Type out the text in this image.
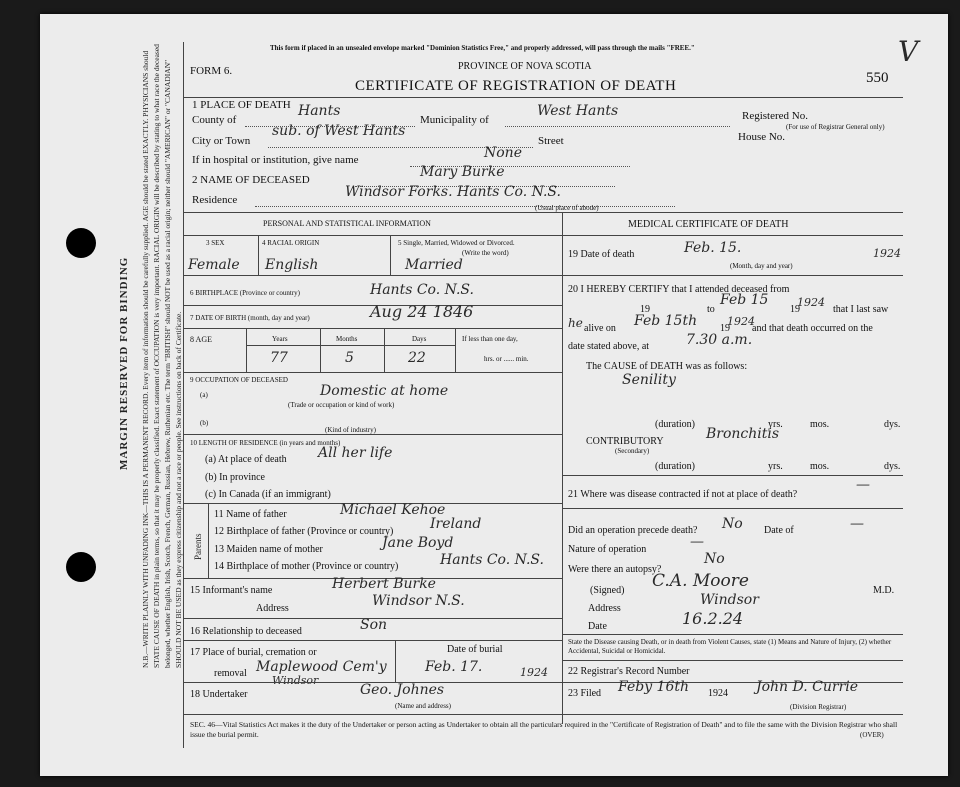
MARGIN RESERVED FOR BINDING N.B.—WRITE PLAINLY WITH UNFADING INK—THIS IS A PERMANENT RECORD. Every item of information should be carefully supplied. AGE should be stated EXACTLY. PHYSICIANS should STATE CAUSE OF DEATH in plain terms, so that it may be properly classified. Exact statement of OCCUPATION is very important. RACIAL ORIGIN will be described by stating to what race the deceased belonged, whether English, Irish, Scotch, French, German, Russian, Hebrew, Ruthenian etc. The term "BRITISH" should NOT be used as a racial origin; neither should "AMERICAN" or "CANADIAN" SHOULD NOT BE USED as they express citizenship and not a race or people. See instructions on back of Certificate.
This form if placed in an unsealed envelope marked "Dominion Statistics Free," and properly addressed, will pass through the mails "FREE."
FORM 6.	PROVINCE OF NOVA SCOTIA
CERTIFICATE OF REGISTRATION OF DEATH	550
V
1 PLACE OF DEATH
County of
Hants
Municipality of
West Hants	Registered No.
(For use of Registrar General only)
City or Town
sub. of West Hants
Street	House No.
If in hospital or institution, give name	None
2 NAME OF DECEASED	Mary Burke
Residence	Windsor Forks. Hants Co. N.S.
(Usual place of abode)
PERSONAL AND STATISTICAL INFORMATION	MEDICAL CERTIFICATE OF DEATH
3 SEX	4 RACIAL ORIGIN	5 Single, Married, Widowed or Divorced.
(Write the word)
Female English	Married
6 BIRTHPLACE (Province or country)	Hants Co. N.S.
7 DATE OF BIRTH (month, day and year)	Aug 24 1846
8 AGE	Years	Months	Days	If less than one day,
hrs. or ...... min.
77	5	22
9 OCCUPATION OF DECEASED
(a)	Domestic at home
(Trade or occupation or kind of work)
(b)
(Kind of industry)
10 LENGTH OF RESIDENCE (in years and months)
(a) At place of death All her life
(b) In province
(c) In Canada (if an immigrant)
Parents
11 Name of father	Michael Kehoe
12 Birthplace of father (Province or country)	Ireland
13 Maiden name of mother	Jane Boyd
14 Birthplace of mother (Province or country)	Hants Co. N.S.
15 Informant's name	Herbert Burke
Address	Windsor N.S.
16 Relationship to deceased	Son
17 Place of burial, cremation or	Date of burial
removal Maplewood Cem'y
Windsor
Feb. 17.	1924
18 Undertaker	Geo. Johnes
(Name and address)
19 Date of death	Feb. 15.	1924
(Month, day and year)
20 I HEREBY CERTIFY that I attended deceased from
19	to
Feb 15
19
1924
that I last saw
he alive on Feb 15th 19
1924
and that death occurred on the
date stated above, at	7.30 a.m.
The CAUSE of DEATH was as follows:
Senility
(duration)	yrs.	mos.	dys.
CONTRIBUTORY	Bronchitis
(Secondary)
(duration)	yrs.	mos.	dys.
21 Where was disease contracted if not at place of death?
—
Did an operation precede death? No Date of	—
Nature of operation	—
Were there an autopsy?
No
(Signed) C.A. Moore	M.D.
Address
Windsor
Date	16.2.24
State the Disease causing Death, or in death from Violent Causes, state (1) Means and Nature of Injury, (2) whether Accidental, Suicidal or Homicidal.
22 Registrar's Record Number
23 Filed Feby 16th 1924 John D. Currie
(Division Registrar)
SEC. 46—Vital Statistics Act makes it the duty of the Undertaker or person acting as Undertaker to obtain all the particulars required in the "Certificate of Registration of Death" and to file the same with the Division Registrar who shall issue the burial permit.	(OVER)
